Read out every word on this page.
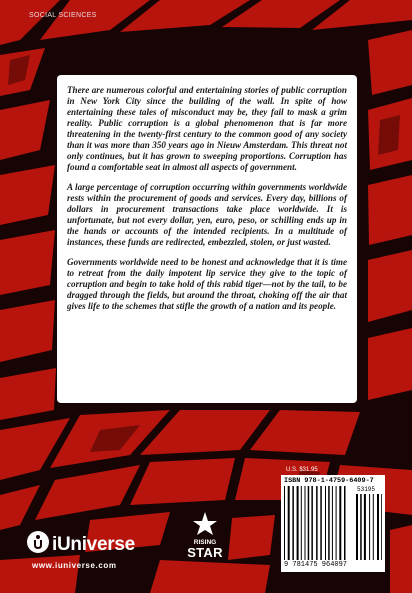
SOCIAL SCIENCES

There are numerous colorful and entertaining stories of public corruption in New York City since the building of the wall. In spite of how entertaining these tales of misconduct may be, they fail to mask a grim reality. Public corruption is a global phenomenon that is far more threatening in the twenty-first century to the common good of any society than it was more than 350 years ago in Nieuw Amsterdam. This threat not only continues, but it has grown to sweeping proportions. Corruption has found a comfortable seat in almost all aspects of government.

A large percentage of corruption occurring within governments worldwide rests within the procurement of goods and services. Every day, billions of dollars in procurement transactions take place worldwide. It is unfortunate, but not every dollar, yen, euro, peso, or schilling ends up in the hands or accounts of the intended recipients. In a multitude of instances, these funds are redirected, embezzled, stolen, or just wasted.

Governments worldwide need to be honest and acknowledge that it is time to retreat from the daily impotent lip service they give to the topic of corruption and begin to take hold of this rabid tiger—not by the tail, to be dragged through the fields, but around the throat, choking off the air that gives life to the schemes that stifle the growth of a nation and its people.

iUniverse
www.iuniverse.com
RISING
STAR
U.S. $31.95
ISBN 978-1-4759-6409-7
53195
9 781475 964097
